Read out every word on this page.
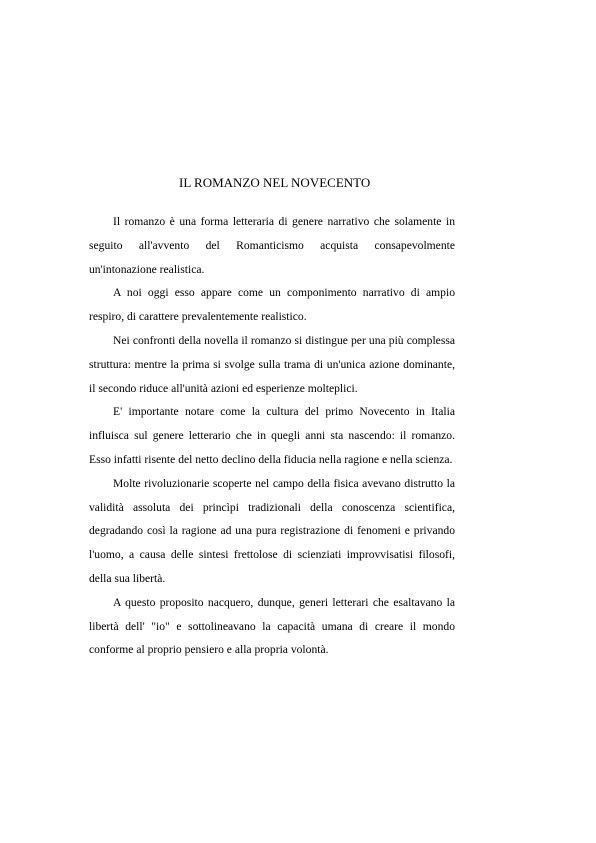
IL ROMANZO NEL NOVECENTO

Il romanzo è una forma letteraria di genere narrativo che solamente in seguito all'avvento del Romanticismo acquista consapevolmente un'intonazione realistica.

A noi oggi esso appare come un componimento narrativo di ampio respiro, di carattere prevalentemente realistico.

Nei confronti della novella il romanzo si distingue per una più complessa struttura: mentre la prima si svolge sulla trama di un'unica azione dominante, il secondo riduce all'unità azioni ed esperienze molteplici.

E' importante notare come la cultura del primo Novecento in Italia influisca sul genere letterario che in quegli anni sta nascendo: il romanzo. Esso infatti risente del netto declino della fiducia nella ragione e nella scienza.

Molte rivoluzionarie scoperte nel campo della fisica avevano distrutto la validità assoluta dei princìpi tradizionali della conoscenza scientifica, degradando così la ragione ad una pura registrazione di fenomeni e privando l'uomo, a causa delle sintesi frettolose di scienziati improvvisatisi filosofi, della sua libertà.

A questo proposito nacquero, dunque, generi letterari che esaltavano la libertà dell' "io" e sottolineavano la capacità umana di creare il mondo conforme al proprio pensiero e alla propria volontà.
